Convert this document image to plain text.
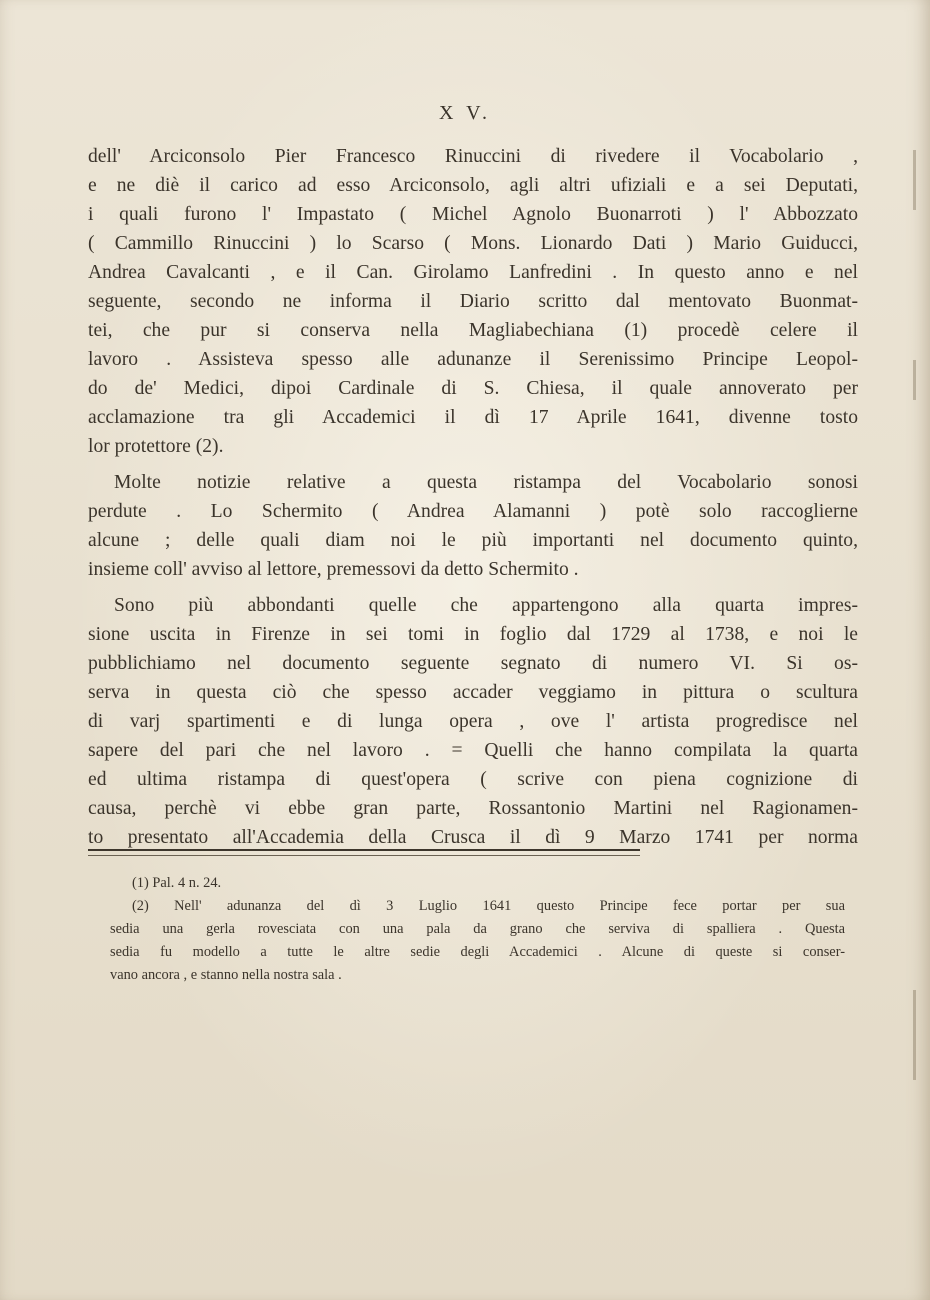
X V.
dell' Arciconsolo Pier Francesco Rinuccini di rivedere il Vocabolario ,
e ne diè il carico ad esso Arciconsolo, agli altri ufiziali e a sei Deputati,
i quali furono l' Impastato ( Michel Agnolo Buonarroti ) l' Abbozzato
( Cammillo Rinuccini ) lo Scarso ( Mons. Lionardo Dati ) Mario Guiducci,
Andrea Cavalcanti , e il Can. Girolamo Lanfredini . In questo anno e nel
seguente, secondo ne informa il Diario scritto dal mentovato Buonmat-
tei, che pur si conserva nella Magliabechiana (1) procedè celere il
lavoro . Assisteva spesso alle adunanze il Serenissimo Principe Leopol-
do de' Medici, dipoi Cardinale di S. Chiesa, il quale annoverato per
acclamazione tra gli Accademici il dì 17 Aprile 1641, divenne tosto
lor protettore (2).
Molte notizie relative a questa ristampa del Vocabolario sonosi
perdute . Lo Schermito ( Andrea Alamanni ) potè solo raccoglierne
alcune ; delle quali diam noi le più importanti nel documento quinto,
insieme coll' avviso al lettore, premessovi da detto Schermito .
Sono più abbondanti quelle che appartengono alla quarta impres-
sione uscita in Firenze in sei tomi in foglio dal 1729 al 1738, e noi le
pubblichiamo nel documento seguente segnato di numero VI. Si os-
serva in questa ciò che spesso accader veggiamo in pittura o scultura
di varj spartimenti e di lunga opera , ove l' artista progredisce nel
sapere del pari che nel lavoro . = Quelli che hanno compilata la quarta
ed ultima ristampa di quest'opera ( scrive con piena cognizione di
causa, perchè vi ebbe gran parte, Rossantonio Martini nel Ragionamen-
to presentato all'Accademia della Crusca il dì 9 Marzo 1741 per norma
(1) Pal. 4 n. 24.
(2) Nell' adunanza del dì 3 Luglio 1641 questo Principe fece portar per sua
sedia una gerla rovesciata con una pala da grano che serviva di spalliera . Questa
sedia fu modello a tutte le altre sedie degli Accademici . Alcune di queste si conser-
vano ancora , e stanno nella nostra sala .
